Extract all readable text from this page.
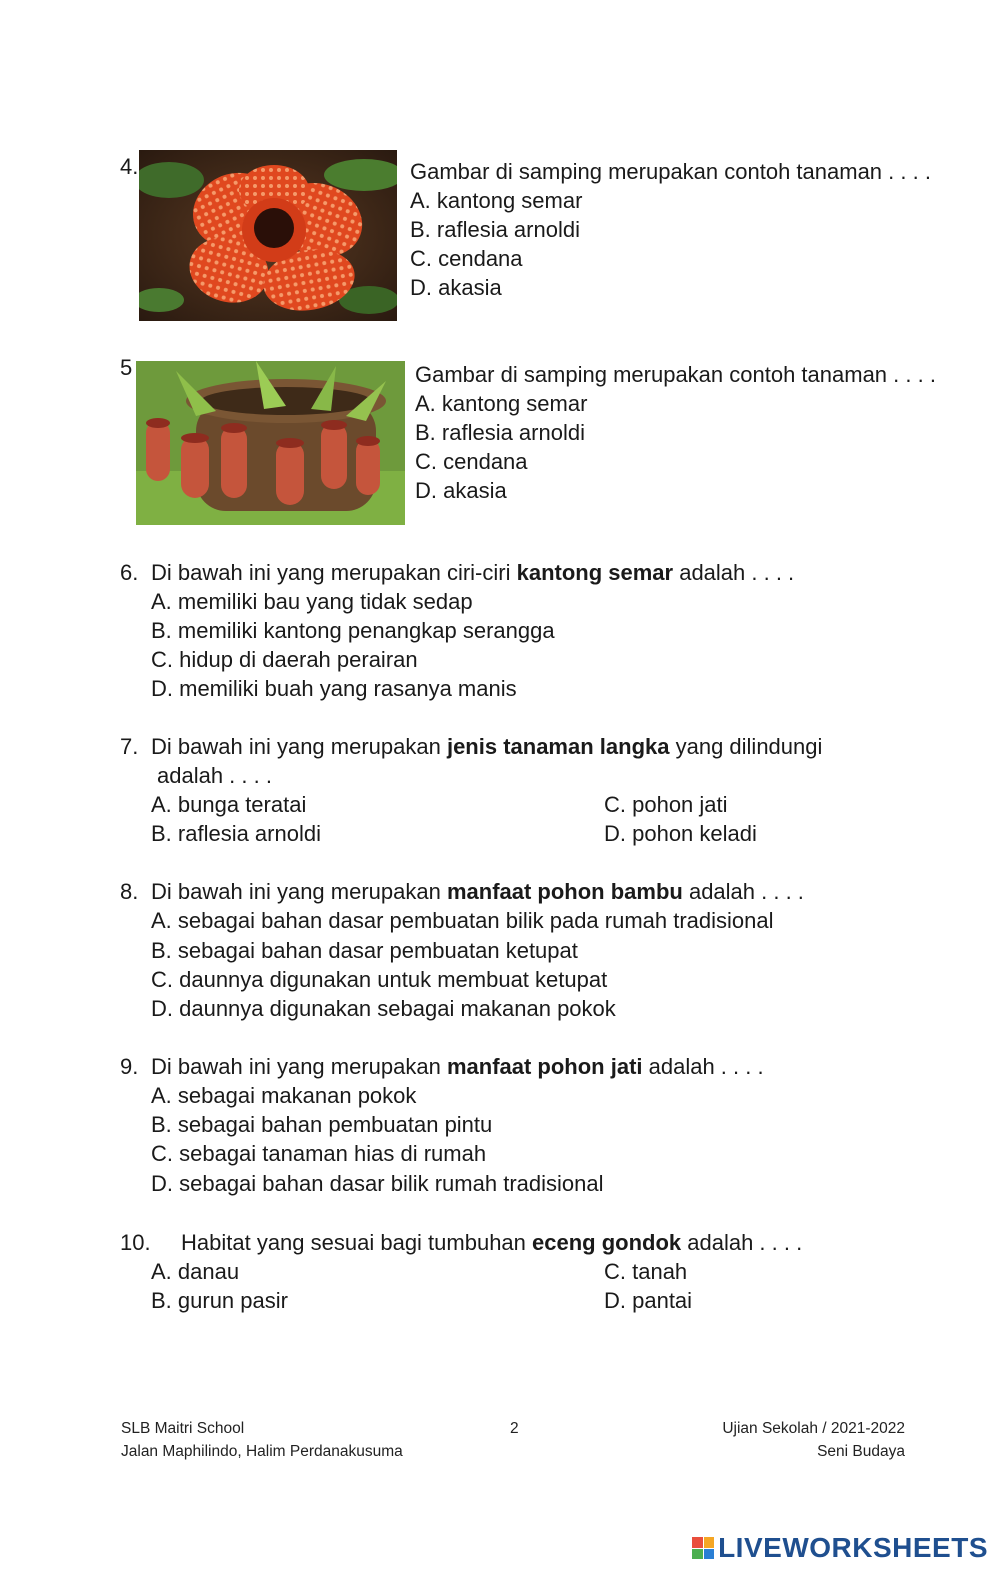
4.	Gambar di samping merupakan contoh tanaman . . . .
A. kantong semar
B. raflesia arnoldi
C. cendana
D. akasia
5	Gambar di samping merupakan contoh tanaman . . . .
A. kantong semar
B. raflesia arnoldi
C. cendana
D. akasia
6. Di bawah ini yang merupakan ciri-ciri kantong semar adalah . . . .
A. memiliki bau yang tidak sedap
B. memiliki kantong penangkap serangga
C. hidup di daerah perairan
D. memiliki buah yang rasanya manis
7. Di bawah ini yang merupakan jenis tanaman langka yang dilindungi
adalah . . . .
A. bunga teratai
B. raflesia arnoldi
C. pohon jati
D. pohon keladi
8. Di bawah ini yang merupakan manfaat pohon bambu adalah . . . .
A. sebagai bahan dasar pembuatan bilik pada rumah tradisional
B. sebagai bahan dasar pembuatan ketupat
C. daunnya digunakan untuk membuat ketupat
D. daunnya digunakan sebagai makanan pokok
9. Di bawah ini yang merupakan manfaat pohon jati adalah . . . .
A. sebagai makanan pokok
B. sebagai bahan pembuatan pintu
C. sebagai tanaman hias di rumah
D. sebagai bahan dasar bilik rumah tradisional
10. Habitat yang sesuai bagi tumbuhan eceng gondok adalah . . . .
A. danau
B. gurun pasir
C. tanah
D. pantai
SLB Maitri School
Jalan Maphilindo, Halim Perdanakusuma
2	Ujian Sekolah / 2021-2022
Seni Budaya
LIVEWORKSHEETS
